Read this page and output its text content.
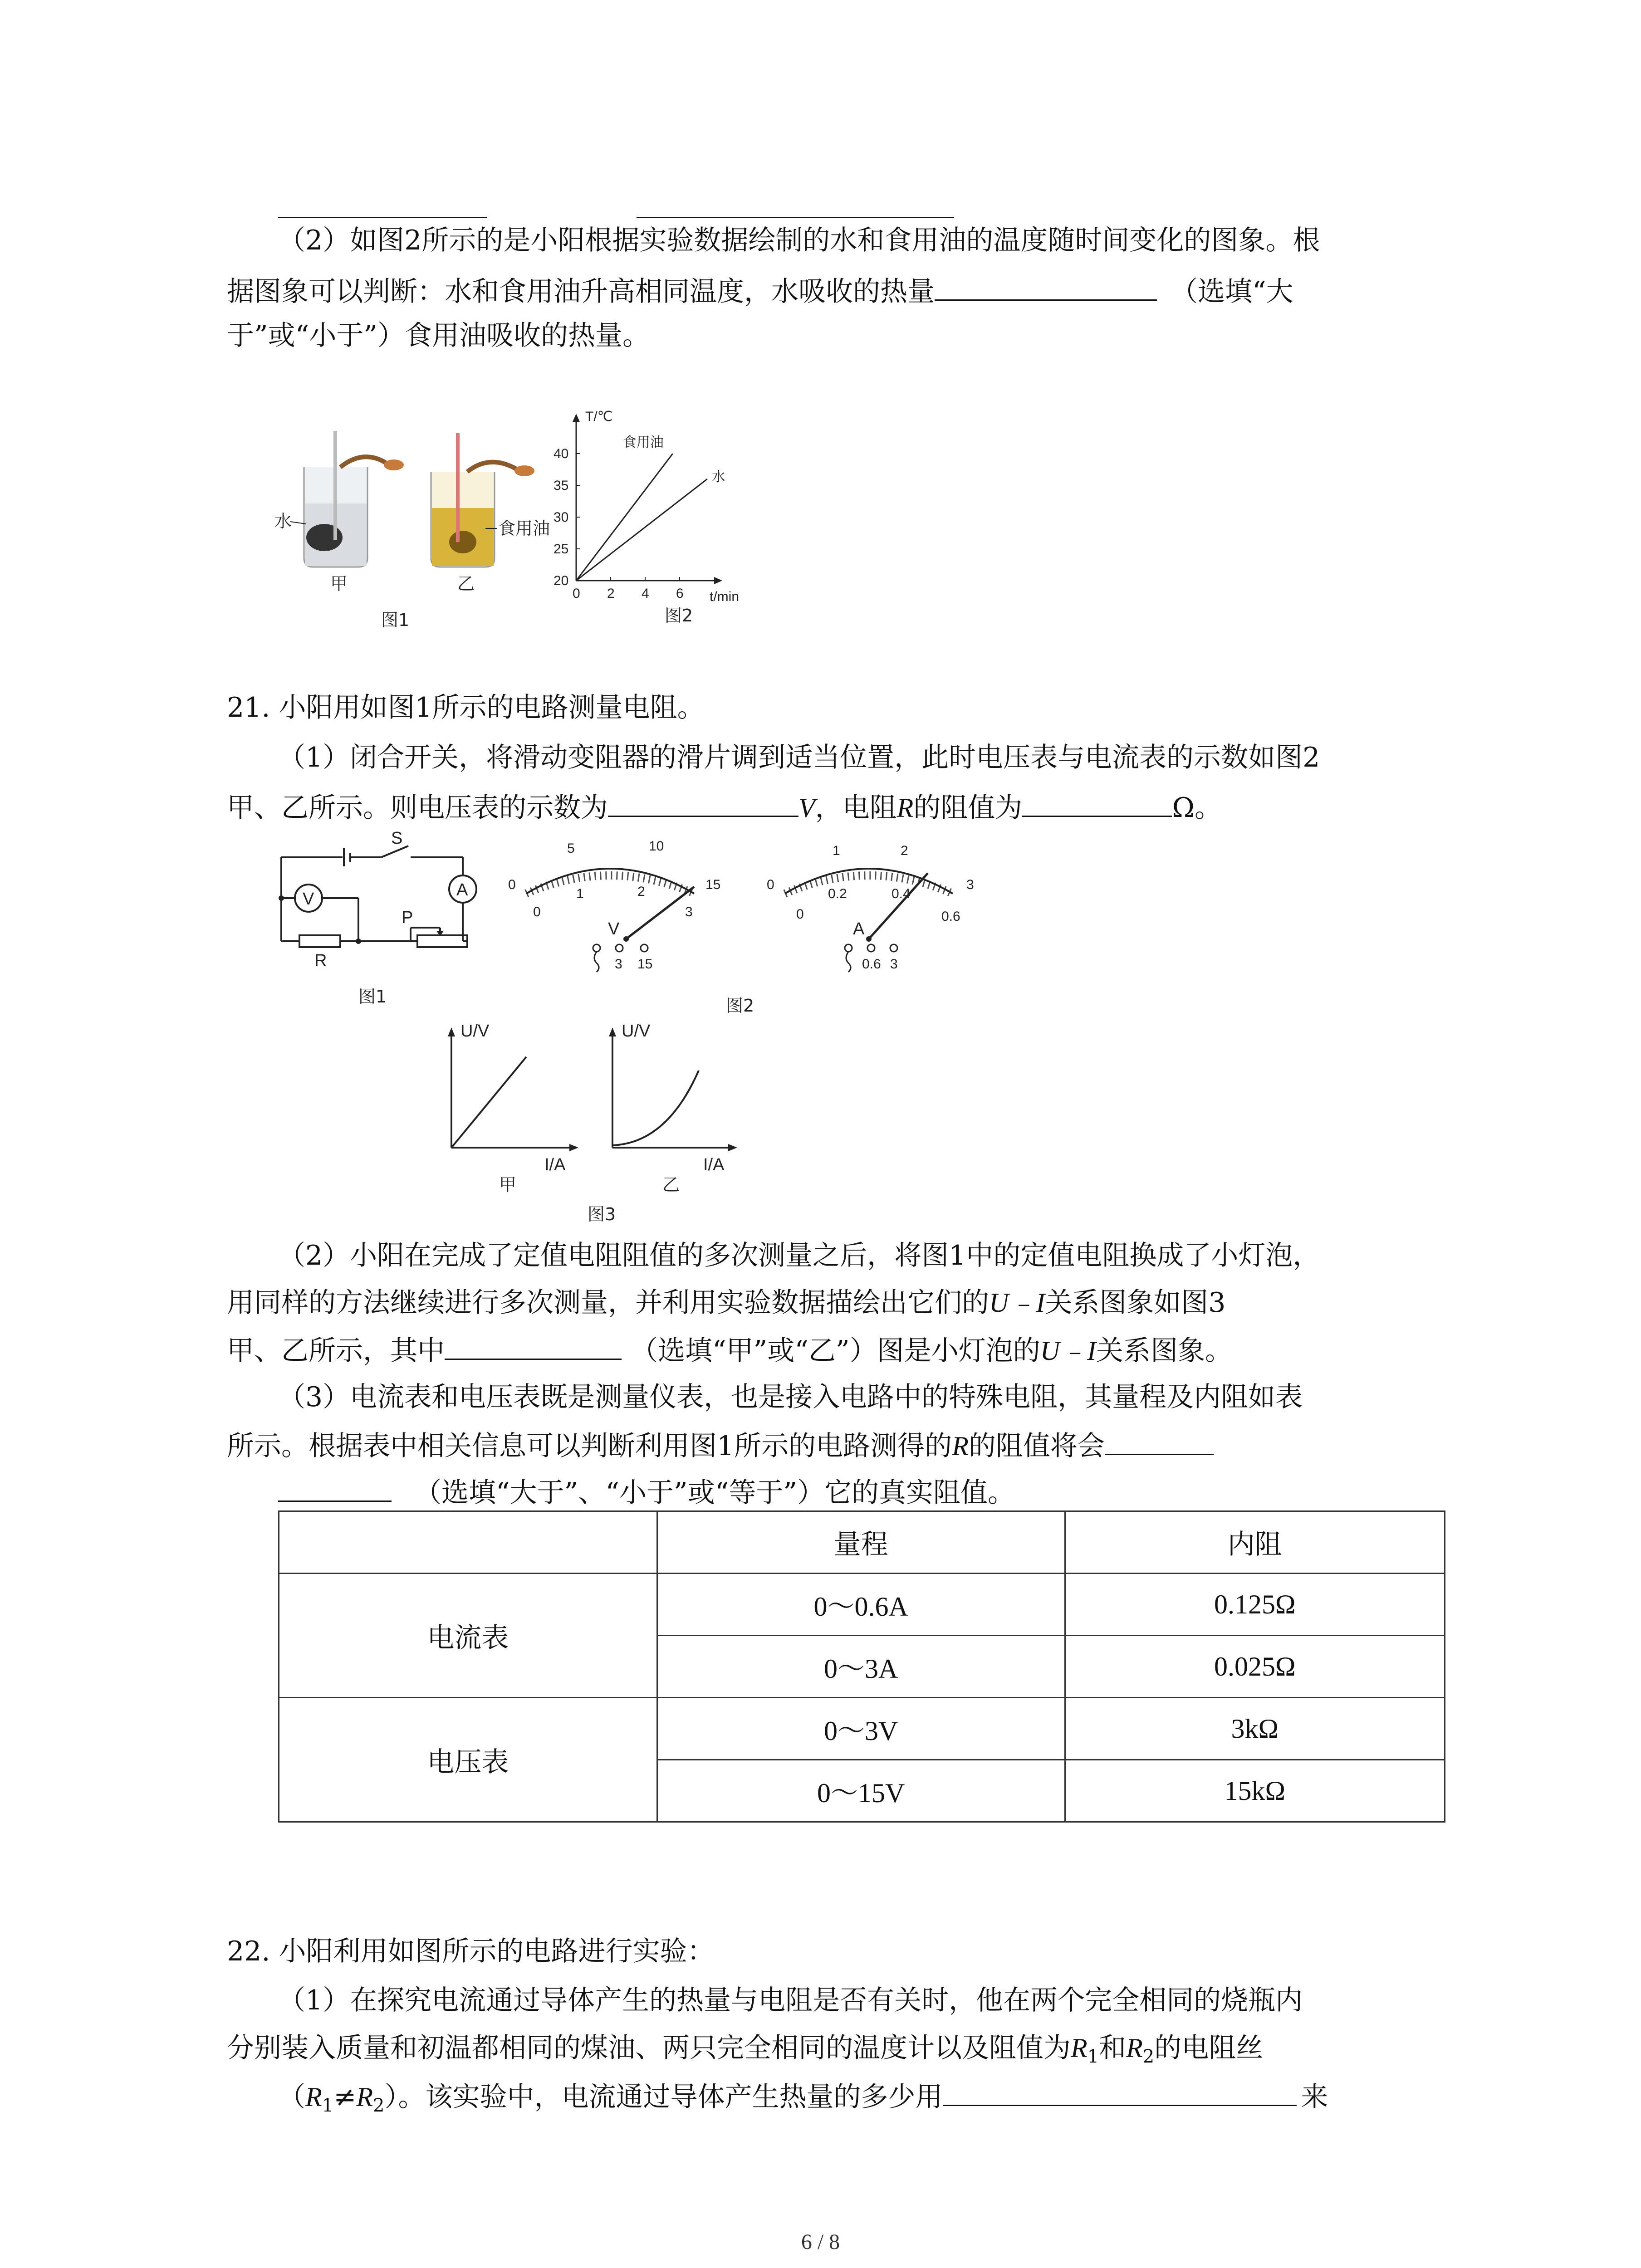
（2）如图2所示的是小阳根据实验数据绘制的水和食用油的温度随时间变化的图象。根
据图象可以判断：水和食用油升高相同温度，水吸收的热量	（选填“大
于”或“小于”）食用油吸收的热量。
水	食用油
甲	乙
图1
0 2 4 6
20
25
30
35
40
t/min
T/℃
食用油
水
图2
21. 小阳用如图1所示的电路测量电阻。
（1）闭合开关，将滑动变阻器的滑片调到适当位置，此时电压表与电流表的示数如图2
甲、乙所示。则电压表的示数为	V，电阻R的阻值为	Ω。
S
V	A
P
R
图1
0
5	10
15
0
1	2
3
V
3 15
0
1	2
3
0
0.2	0.4
0.6
A
0.6 3
图2
U/V
I/A
U/V
I/A
甲	乙
图3
（2）小阳在完成了定值电阻阻值的多次测量之后，将图1中的定值电阻换成了小灯泡，
用同样的方法继续进行多次测量，并利用实验数据描绘出它们的U﹣I关系图象如图3
甲、乙所示，其中	（选填“甲”或“乙”）图是小灯泡的U﹣I关系图象。
（3）电流表和电压表既是测量仪表，也是接入电路中的特殊电阻，其量程及内阻如表
所示。根据表中相关信息可以判断利用图1所示的电路测得的R的阻值将会
（选填“大于”、“小于”或“等于”）它的真实阻值。
	量程	内阻
电流表	0～0.6A	0.125Ω
	0～3A	0.025Ω
电压表	0～3V	3kΩ
	0～15V	15kΩ
22. 小阳利用如图所示的电路进行实验：
（1）在探究电流通过导体产生的热量与电阻是否有关时，他在两个完全相同的烧瓶内
分别装入质量和初温都相同的煤油、两只完全相同的温度计以及阻值为$R_1$和$R_2$的电阻丝
$(R_1\ne R_2)$。该实验中，电流通过导体产生热量的多少用	来
6 / 8
